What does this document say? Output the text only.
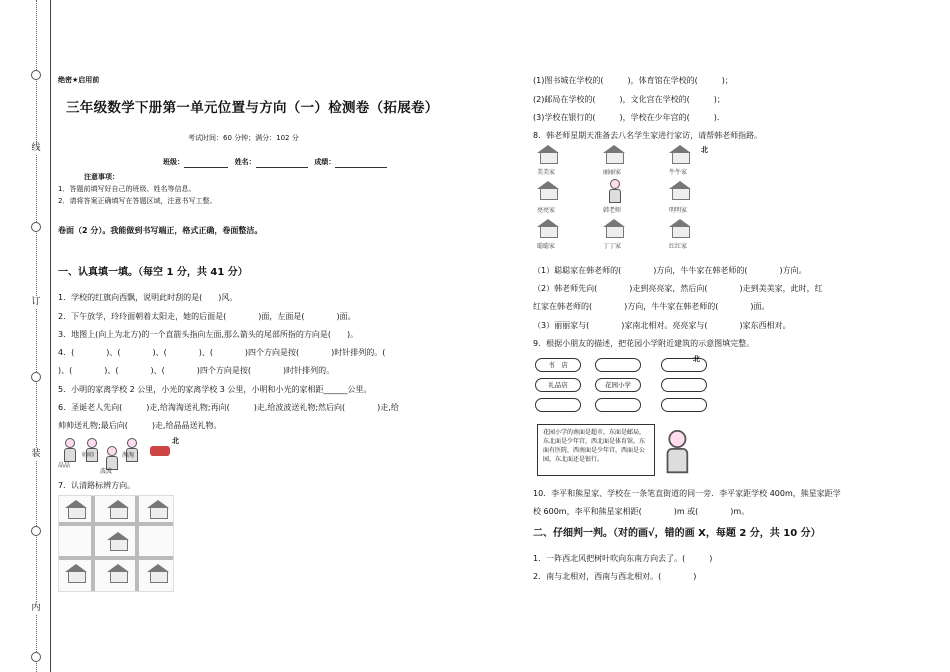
线
订
装
内
绝密★启用前
三年级数学下册第一单元位置与方向（一）检测卷（拓展卷）
考试时间：60 分钟；满分：102 分
班级：	姓名：	成绩：
注意事项：
1．答题前填写好自己的班级、姓名等信息。
2．请将答案正确填写在答题区域，注意书写工整。
卷面（2 分）。我能做到书写端正，格式正确，卷面整洁。
一、认真填一填。（每空 1 分，共 41 分）
1．学校的红旗向西飘，说明此时刮的是(　　)风。
2．下午放学，玲玲面朝着太阳走，她的后面是(　　　　)面，左面是(　　　　)面。
3．地图上(向上为北方)的一个直箭头指向左面,那么箭头的尾部所指的方向是(　　)。
4．(　　　　)、(　　　　)、(　　　　)、(　　　　)四个方向是按(　　　　)时针排列的。(
)、(　　　　)、(　　　　)、(　　　　)四个方向是按(　　　　)时针排列的。
5．小明的家离学校 2 公里，小光的家离学校 3 公里，小明和小光的家相距______公里。
6．圣诞老人先向(　　　)走,给淘淘送礼物;再向(　　　)走,给波波送礼物;然后向(　　　　)走,给
帅帅送礼物;最后向(　　　)走,给晶晶送礼物。
晶晶
帅帅	淘淘
波波
北
7．认清路标辨方向。
(1)图书城在学校的(　　　)，体育馆在学校的(　　　)；
(2)邮局在学校的(　　　)，文化宫在学校的(　　　)；
(3)学校在银行的(　　　)，学校在少年宫的(　　　)．
8．韩老师星期天准备去八名学生家进行家访，请帮韩老师指路。
北
美美家	丽丽家	牛牛家
亮亮家	韩老师	明明家
聪聪家	丁丁家	红红家
（1）聪聪家在韩老师的(　　　　)方向，牛牛家在韩老师的(　　　　)方向。
（2）韩老师先向(　　　　)走到亮亮家，然后向(　　　　)走到美美家，此时，红
红家在韩老师的(　　　　)方向，牛牛家在韩老师的(　　　　)面。
（3）丽丽家与(　　　　)家南北相对。亮亮家与(　　　　)家东西相对。
9．根据小朋友的描述，把花园小学附近建筑的示意图填完整。
书　店
北
礼品店	花园小学
花园小学的南面是超市，东面是邮局，东北面是少年宫，西北面是体育馆，东面有医院，西南面是少年宫，西面是公园，东北面还是银行。
10．李平和熊星家、学校在一条笔直街道的同一旁．李平家距学校 400m，熊星家距学
校 600m，李平和熊星家相距(　　　　)m 或(　　　　)m。
二、仔细判一判。（对的画√，错的画 X，每题 2 分，共 10 分）
1．一阵西北风把树叶吹向东南方向去了。(　　　)
2．南与北相对，西南与西北相对。(　　　　)
